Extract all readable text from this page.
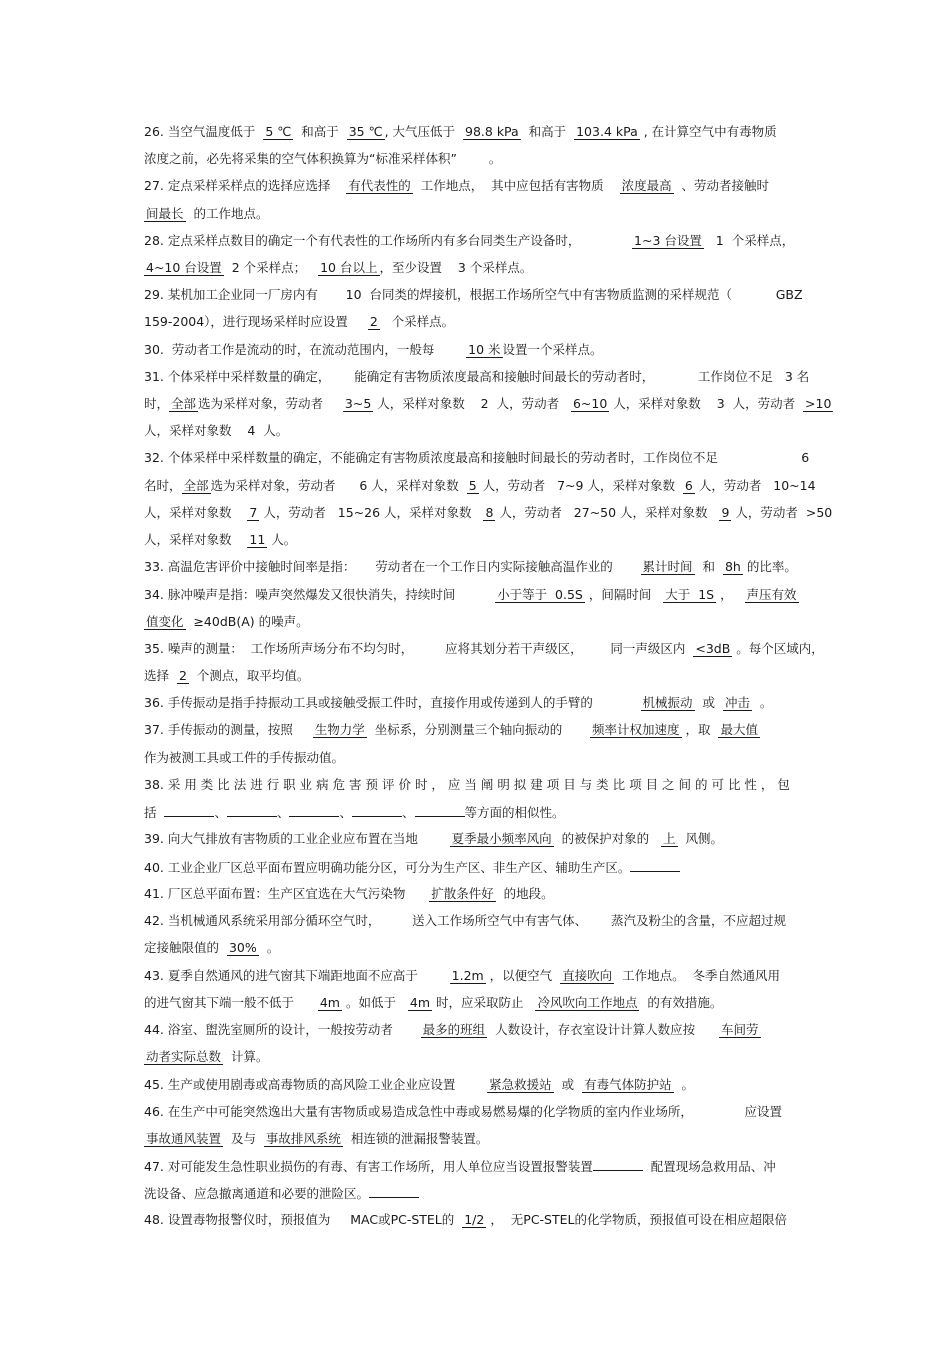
26. 当空气温度低于  5 ℃  和高于  35 ℃ , 大气压低于  98.8 kPa  和高于  103.4 kPa , 在计算空气中有毒物质
浓度之前，必先将采集的空气体积换算为“标准采样体积”        。
27. 定点采样采样点的选择应选择    有代表性的  工作地点，  其中应包括有害物质    浓度最高  、劳动者接触时
间最长  的工作地点。
28. 定点采样点数目的确定一个有代表性的工作场所内有多台同类生产设备时，             1~3 台设置   1  个采样点，
4~10 台设置  2 个采样点；   10 台以上 ，至少设置    3 个采样点。
29. 某机加工企业同一厂房内有       10  台同类的焊接机，根据工作场所空气中有害物质监测的采样规范（           GBZ
159-2004），进行现场采样时应设置     2   个采样点。
30.  劳动者工作是流动的时，在流动范围内，一般每        10 米 设置一个采样点。
31. 个体采样中采样数量的确定，      能确定有害物质浓度最高和接触时间最长的劳动者时，           工作岗位不足   3 名
时， 全部 选为采样对象，劳动者     3~5 人，采样对象数    2  人，劳动者   6~10 人，采样对象数    3  人，劳动者  >10
人，采样对象数    4  人。
32. 个体采样中采样数量的确定，不能确定有害物质浓度最高和接触时间最长的劳动者时，工作岗位不足                     6
名时， 全部 选为采样对象，劳动者      6 人，采样对象数  5 人，劳动者   7~9 人，采样对象数  6 人，劳动者   10~14
人，采样对象数    7 人，劳动者   15~26 人，采样对象数   8 人，劳动者   27~50 人，采样对象数   9 人，劳动者  >50
人，采样对象数    11 人。
33. 高温危害评价中接触时间率是指：     劳动者在一个工作日内实际接触高温作业的       累计时间  和  8h 的比率。
34. 脉冲噪声是指：噪声突然爆发又很快消失，持续时间          小于等于  0.5S ，间隔时间   大于  1S ，   声压有效
值变化  ≥40dB(A) 的噪声。
35. 噪声的测量：  工作场所声场分布不均匀时，        应将其划分若干声级区，       同一声级区内  <3dB 。每个区域内，
选择  2  个测点，取平均值。
36. 手传振动是指手持振动工具或接触受振工件时，直接作用或传递到人的手臂的            机械振动  或  冲击  。
37. 手传振动的测量，按照     生物力学  坐标系，分别测量三个轴向振动的       频率计权加速度 ，取  最大值
作为被测工具或工件的手传振动值。
38. 采 用 类 比 法 进 行 职 业 病 危 害 预 评 价 时 ， 应 当 阐 明 拟 建 项 目 与 类 比 项 目 之 间 的 可 比 性 ， 包
括	、	、	、	、	等方面的相似性。
39. 向大气排放有害物质的工业企业应布置在当地        夏季最小频率风向  的被保护对象的   上  风侧。
40. 工业企业厂区总平面布置应明确功能分区，可分为生产区、非生产区、辅助生产区。
41. 厂区总平面布置：生产区宜选在大气污染物      扩散条件好  的地段。
42. 当机械通风系统采用部分循环空气时，        送入工作场所空气中有害气体、      蒸汽及粉尘的含量，不应超过规
定接触限值的  30%  。
43. 夏季自然通风的进气窗其下端距地面不应高于        1.2m ，以便空气  直接吹向  工作地点。  冬季自然通风用
的进气窗其下端一般不低于      4m 。如低于   4m 时，应采取防止   冷风吹向工作地点  的有效措施。
44. 浴室、盥洗室厕所的设计，一般按劳动者       最多的班组  人数设计，存衣室设计计算人数应按      车间劳
动者实际总数  计算。
45. 生产或使用剧毒或高毒物质的高风险工业企业应设置        紧急救援站  或  有毒气体防护站  。
46. 在生产中可能突然逸出大量有害物质或易造成急性中毒或易燃易爆的化学物质的室内作业场所，             应设置
事故通风装置  及与  事故排风系统  相连锁的泄漏报警装置。
47. 对可能发生急性职业损伤的有毒、有害工作场所，用人单位应当设置报警装置	配置现场急救用品、冲
洗设备、应急撤离通道和必要的泄险区。
48. 设置毒物报警仪时，预报值为     MAC或PC-STEL的  1/2 ，  无PC-STEL的化学物质，预报值可设在相应超限倍
